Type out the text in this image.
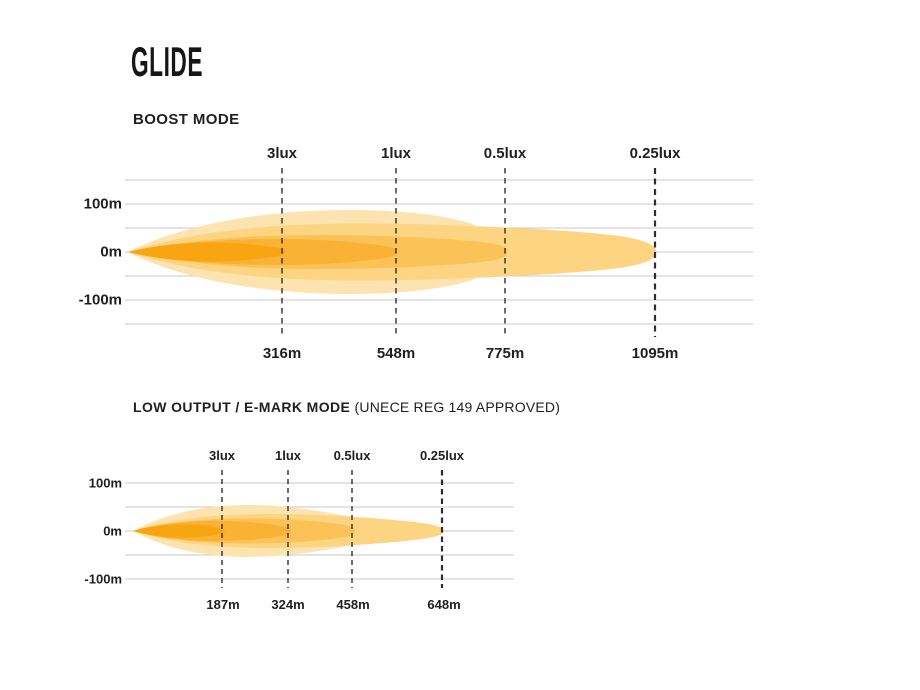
GLIDE
BOOST MODE
3lux	1lux	0.5lux	0.25lux
100m
0m
-100m
316m	548m	775m	1095m
LOW OUTPUT / E-MARK MODE (UNECE REG 149 APPROVED)
3lux	1lux	0.5lux	0.25lux
100m
0m
-100m
187m 324m 458m	648m
